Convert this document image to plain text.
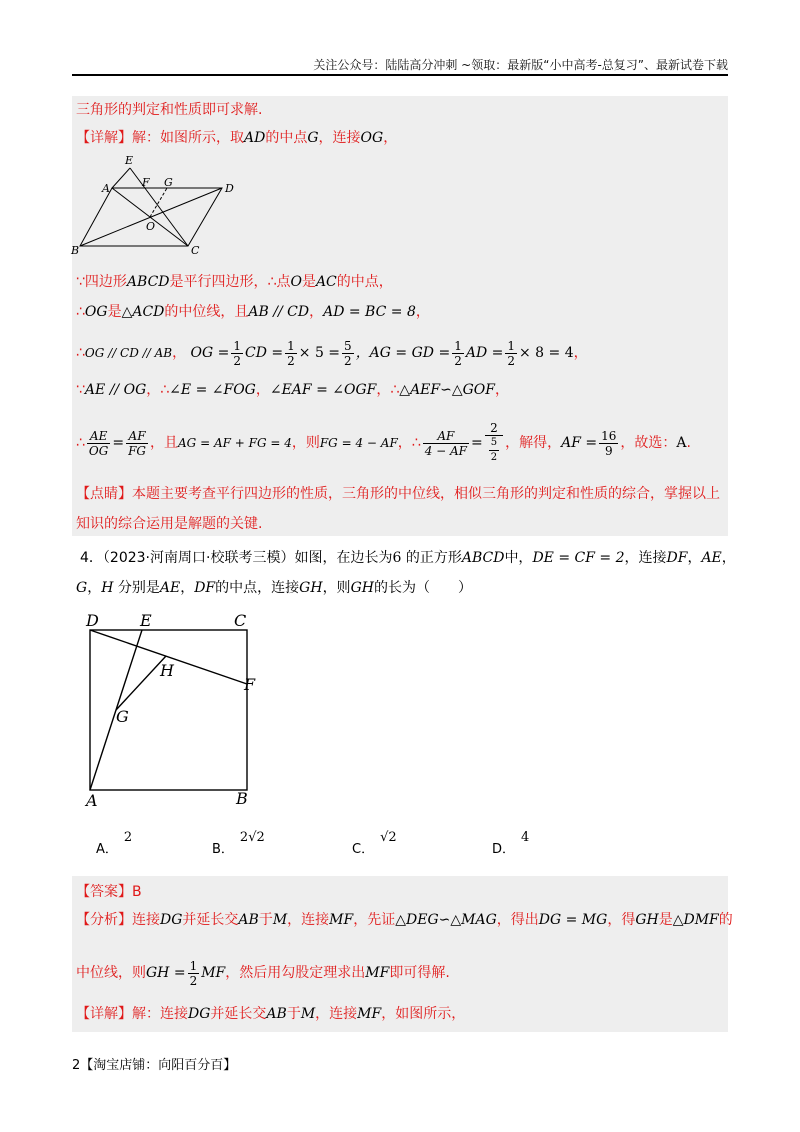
关注公众号：陆陆高分冲刺 ~领取：最新版“小中高考-总复习”、最新试卷下载
三角形的判定和性质即可求解.
【详解】解：如图所示，取AD的中点G，连接OG，
E
A	F G	D
O
B	C
∵四边形ABCD是平行四边形，∴点O是AC的中点，
∴OG是△ACD的中位线，且AB // CD，AD = BC = 8，
∴OG // CD // AB， OG = $\frac{1}{2}$ CD = $\frac{1}{2} \times 5 = \frac{5}{2}$ ，AG = GD = $\frac{1}{2}$ AD = $\frac{1}{2} \times 8 = 4$，
∵AE // OG，∴∠E = ∠FOG，∠EAF = ∠OGF，∴△AEF∽△GOF，
∴ $\frac{AE}{OG} = \frac{AF}{FG}$ ，且AG = AF + FG = 4，则FG = 4 − AF，∴ $\frac{AF}{4 - AF} = \frac{2}{\frac{5}{2}}$ ，解得，AF = $\frac{16}{9}$ ，故选：A.
【点睛】本题主要考查平行四边形的性质，三角形的中位线，相似三角形的判定和性质的综合，掌握以上
知识的综合运用是解题的关键.
4．（2023·河南周口·校联考三模）如图，在边长为6 的正方形ABCD中，DE = CF = 2，连接DF，AE，
G，H 分别是AE，DF的中点，连接GH，则GH的长为（　　）
D	E	C
H
F
G
A	B
A．2
B．2√2
C．√2
D．4
【答案】B
【分析】连接DG并延长交AB于M，连接MF，先证△DEG∽△MAG，得出DG = MG，得GH是△DMF的
中位线，则GH = $\frac{1}{2}$ MF，然后用勾股定理求出MF即可得解.
【详解】解：连接DG并延长交AB于M，连接MF，如图所示，
2【淘宝店铺：向阳百分百】
